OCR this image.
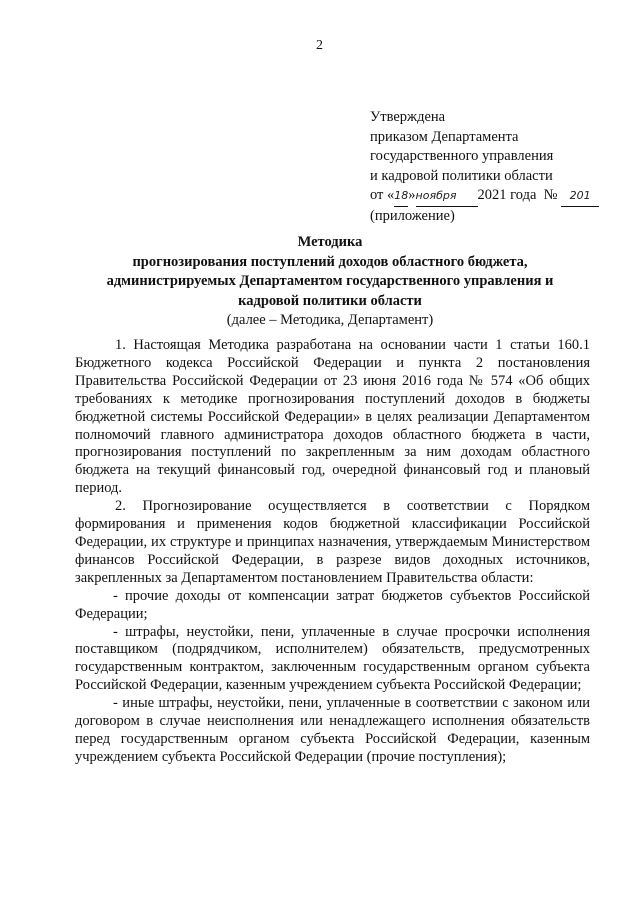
2
Утверждена
приказом Департамента
государственного управления
и кадровой политики области
от «18»ноября 2021 года № 201
(приложение)
Методика
прогнозирования поступлений доходов областного бюджета,
администрируемых Департаментом государственного управления и
кадровой политики области
(далее – Методика, Департамент)

1. Настоящая Методика разработана на основании части 1 статьи 160.1 Бюджетного кодекса Российской Федерации и пункта 2 постановления Правительства Российской Федерации от 23 июня 2016 года № 574 «Об общих требованиях к методике прогнозирования поступлений доходов в бюджеты бюджетной системы Российской Федерации» в целях реализации Департаментом полномочий главного администратора доходов областного бюджета в части, прогнозирования поступлений по закрепленным за ним доходам областного бюджета на текущий финансовый год, очередной финансовый год и плановый период.

2. Прогнозирование осуществляется в соответствии с Порядком формирования и применения кодов бюджетной классификации Российской Федерации, их структуре и принципах назначения, утверждаемым Министерством финансов Российской Федерации, в разрезе видов доходных источников, закрепленных за Департаментом постановлением Правительства области:

- прочие доходы от компенсации затрат бюджетов субъектов Российской Федерации;

- штрафы, неустойки, пени, уплаченные в случае просрочки исполнения поставщиком (подрядчиком, исполнителем) обязательств, предусмотренных государственным контрактом, заключенным государственным органом субъекта Российской Федерации, казенным учреждением субъекта Российской Федерации;

- иные штрафы, неустойки, пени, уплаченные в соответствии с законом или договором в случае неисполнения или ненадлежащего исполнения обязательств перед государственным органом субъекта Российской Федерации, казенным учреждением субъекта Российской Федерации (прочие поступления);
